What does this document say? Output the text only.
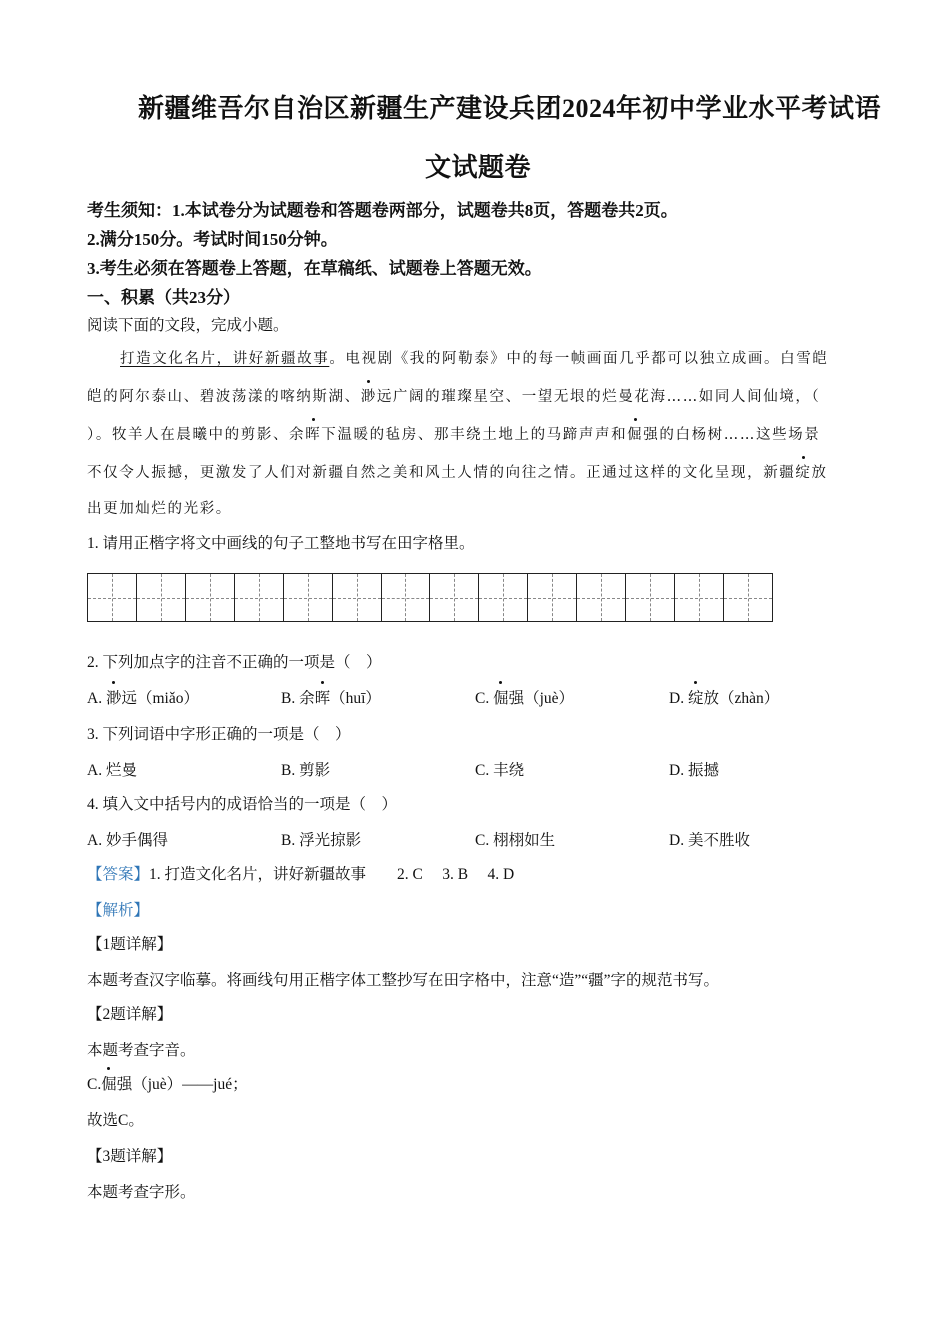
新疆维吾尔自治区新疆生产建设兵团2024年初中学业水平考试语
文试题卷
考生须知：1.本试卷分为试题卷和答题卷两部分，试题卷共8页，答题卷共2页。
2.满分150分。考试时间150分钟。
3.考生必须在答题卷上答题，在草稿纸、试题卷上答题无效。
一、积累（共23分）
阅读下面的文段，完成小题。
打造文化名片，讲好新疆故事。电视剧《我的阿勒泰》中的每一帧画面几乎都可以独立成画。白雪皑
皑的阿尔泰山、碧波荡漾的喀纳斯湖、渺远广阔的璀璨星空、一望无垠的烂曼花海……如同人间仙境，（
）。牧羊人在晨曦中的剪影、余晖下温暖的毡房、那丰绕土地上的马蹄声声和倔强的白杨树……这些场景
不仅令人振撼，更激发了人们对新疆自然之美和风土人情的向往之情。正通过这样的文化呈现，新疆绽放
出更加灿烂的光彩。
1. 请用正楷字将文中画线的句子工整地书写在田字格里。
2. 下列加点字的注音不正确的一项是（　）
A. 渺远（miǎo）	B. 余晖（huī）	C. 倔强（juè）	D. 绽放（zhàn）
3. 下列词语中字形正确的一项是（　）
A. 烂曼	B. 剪影	C. 丰绕	D. 振撼
4. 填入文中括号内的成语恰当的一项是（　）
A. 妙手偶得	B. 浮光掠影	C. 栩栩如生	D. 美不胜收
【答案】1. 打造文化名片，讲好新疆故事　　2. C　 3. B　 4. D
【解析】
【1题详解】
本题考查汉字临摹。将画线句用正楷字体工整抄写在田字格中，注意“造”“疆”字的规范书写。
【2题详解】
本题考查字音。
C.倔强（juè）——jué；
故选C。
【3题详解】
本题考查字形。
